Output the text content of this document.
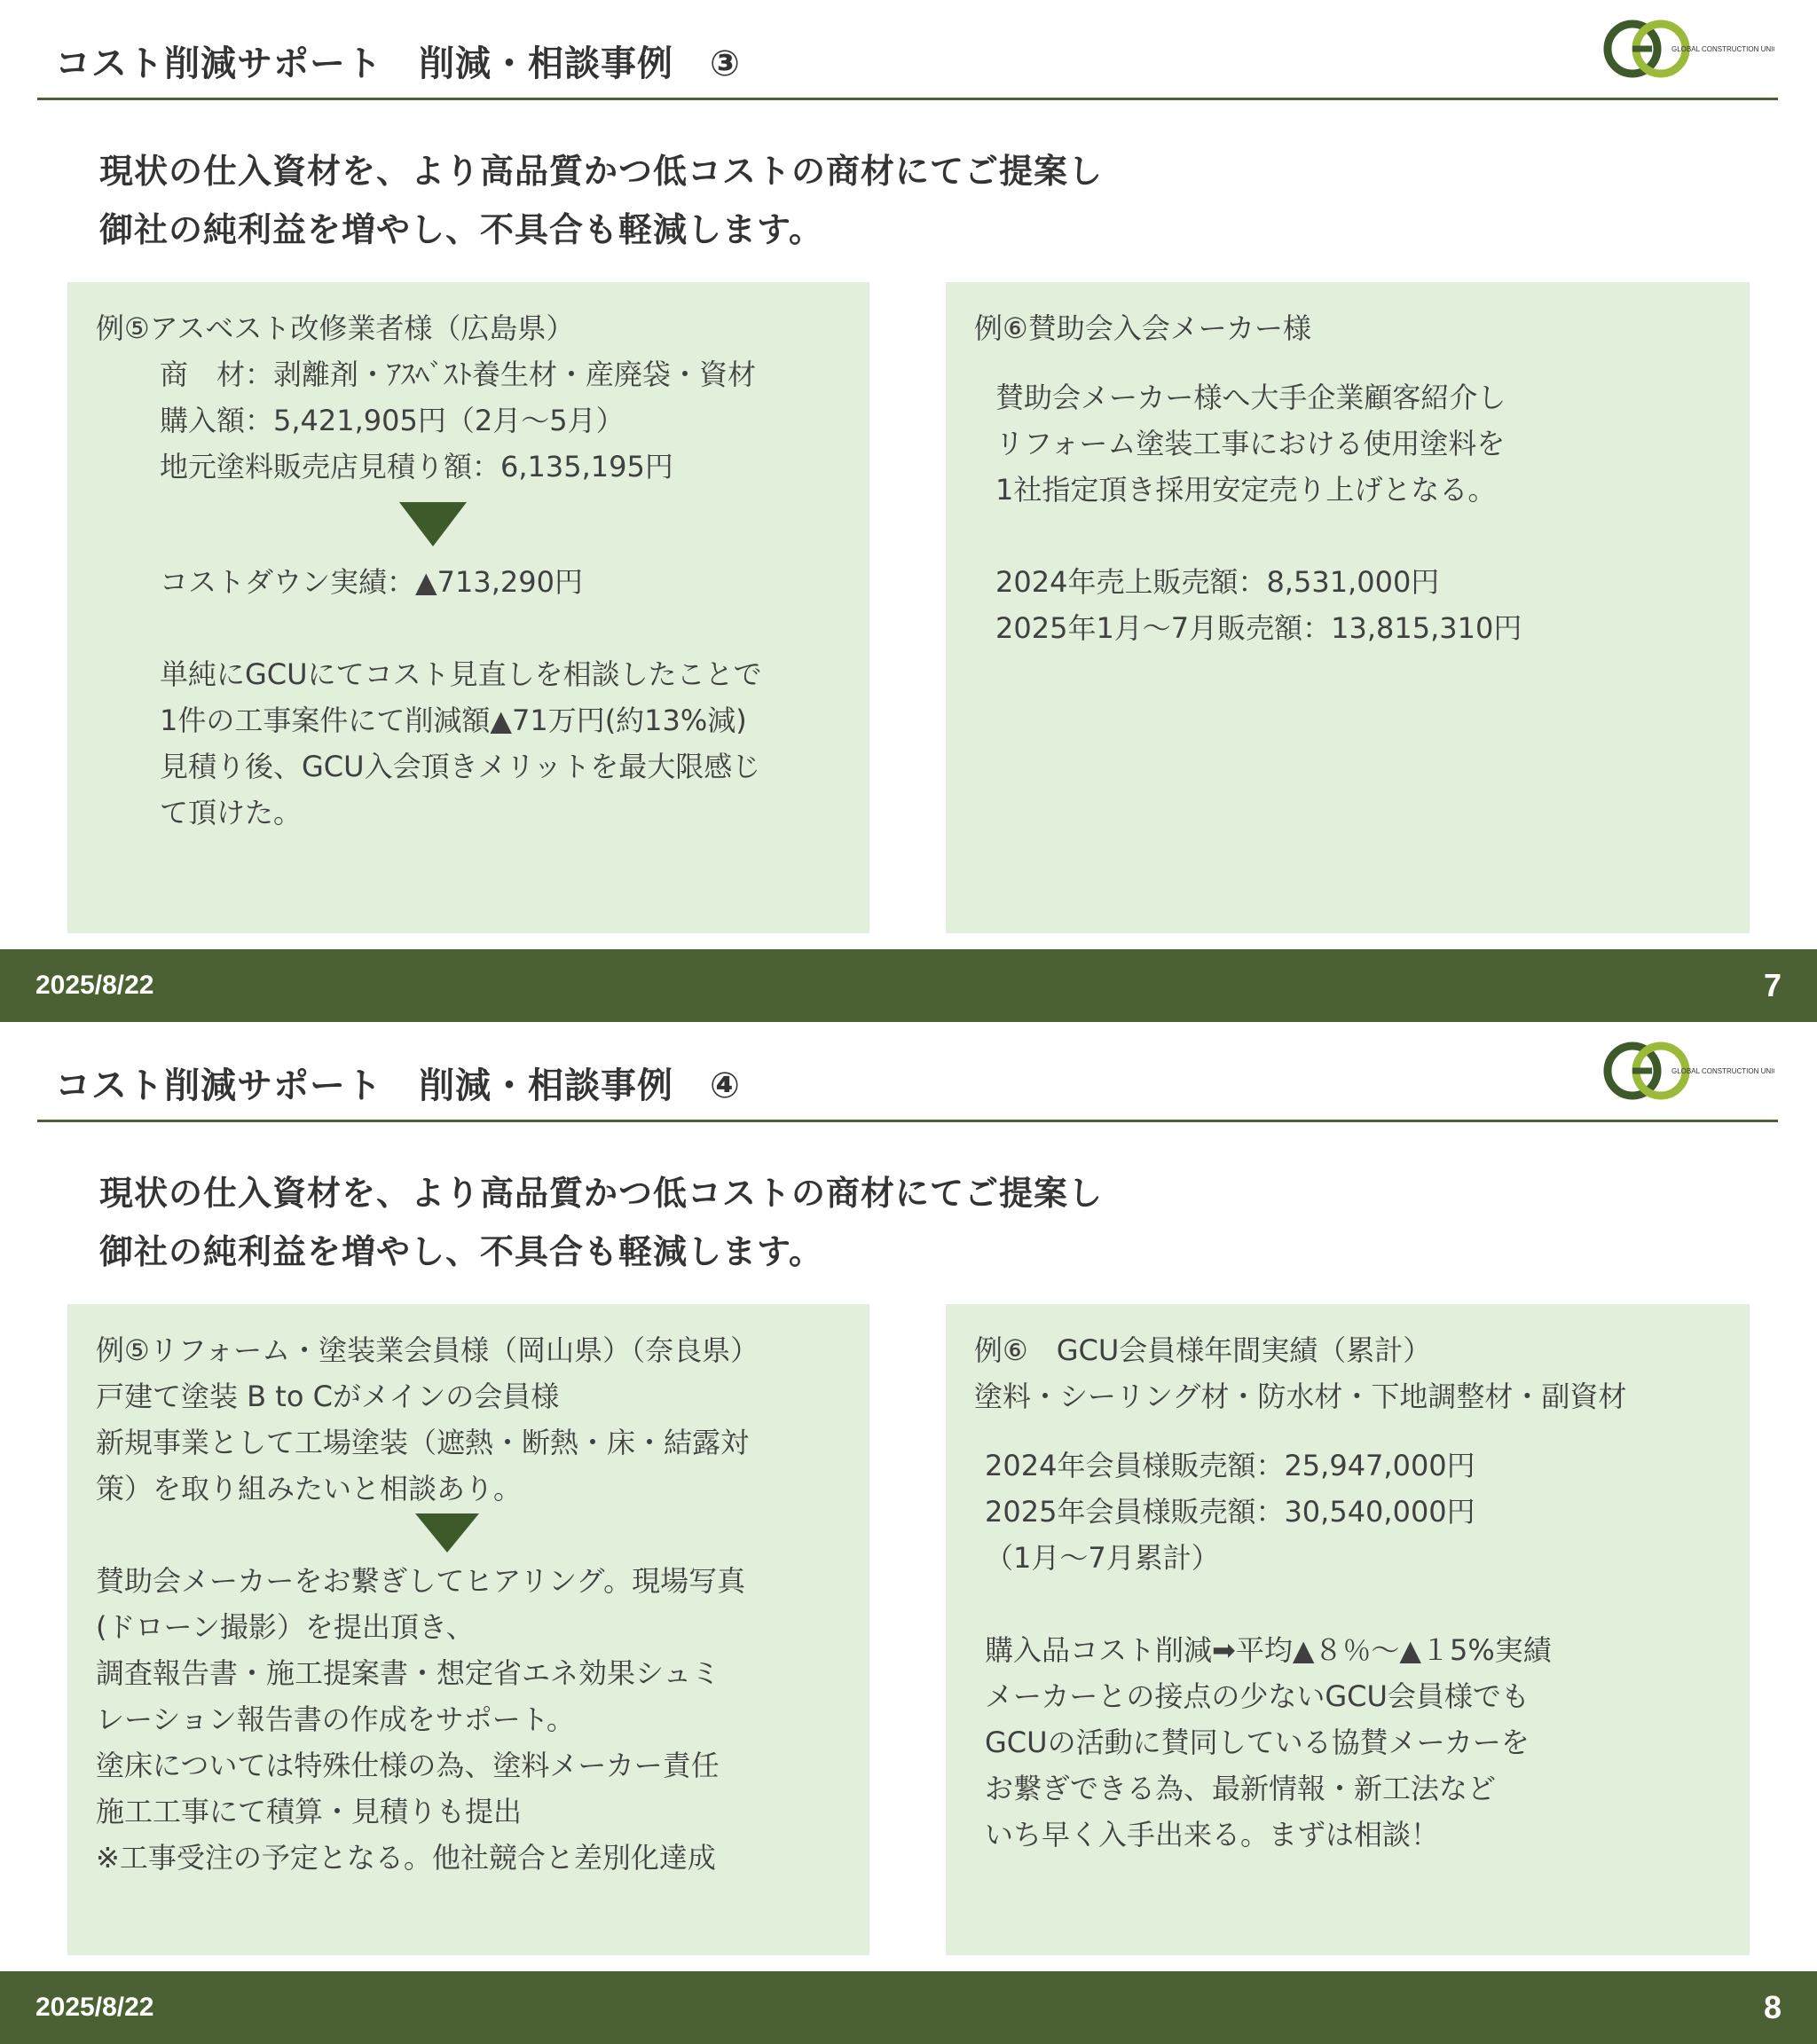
コスト削減サポート　削減・相談事例　③	GLOBAL CONSTRUCTION UNION
現状の仕入資材を、より高品質かつ低コストの商材にてご提案し
御社の純利益を増やし、不具合も軽減します。
例⑤アスベスト改修業者様（広島県）
商　材：剥離剤・ｱｽﾍﾞｽﾄ養生材・産廃袋・資材
購入額：5,421,905円（2月～5月）
地元塗料販売店見積り額：6,135,195円
コストダウン実績：▲713,290円
単純にGCUにてコスト見直しを相談したことで
1件の工事案件にて削減額▲71万円(約13%減)
見積り後、GCU入会頂きメリットを最大限感じ
て頂けた。
例⑥賛助会入会メーカー様
賛助会メーカー様へ大手企業顧客紹介し
リフォーム塗装工事における使用塗料を
1社指定頂き採用安定売り上げとなる。
2024年売上販売額：8,531,000円
2025年1月～7月販売額：13,815,310円
2025/8/22	7
コスト削減サポート　削減・相談事例　④	GLOBAL CONSTRUCTION UNION
現状の仕入資材を、より高品質かつ低コストの商材にてご提案し
御社の純利益を増やし、不具合も軽減します。
例⑤リフォーム・塗装業会員様（岡山県）（奈良県）
戸建て塗装 B to Cがメインの会員様
新規事業として工場塗装（遮熱・断熱・床・結露対
策）を取り組みたいと相談あり。
賛助会メーカーをお繋ぎしてヒアリング。現場写真
(ドローン撮影）を提出頂き、
調査報告書・施工提案書・想定省エネ効果シュミ
レーション報告書の作成をサポート。
塗床については特殊仕様の為、塗料メーカー責任
施工工事にて積算・見積りも提出
※工事受注の予定となる。他社競合と差別化達成
例⑥　GCU会員様年間実績（累計）
塗料・シーリング材・防水材・下地調整材・副資材
2024年会員様販売額：25,947,000円
2025年会員様販売額：30,540,000円
（1月～7月累計）
購入品コスト削減➡平均▲８％～▲１5%実績
メーカーとの接点の少ないGCU会員様でも
GCUの活動に賛同している協賛メーカーを
お繋ぎできる為、最新情報・新工法など
いち早く入手出来る。まずは相談！
2025/8/22	8
